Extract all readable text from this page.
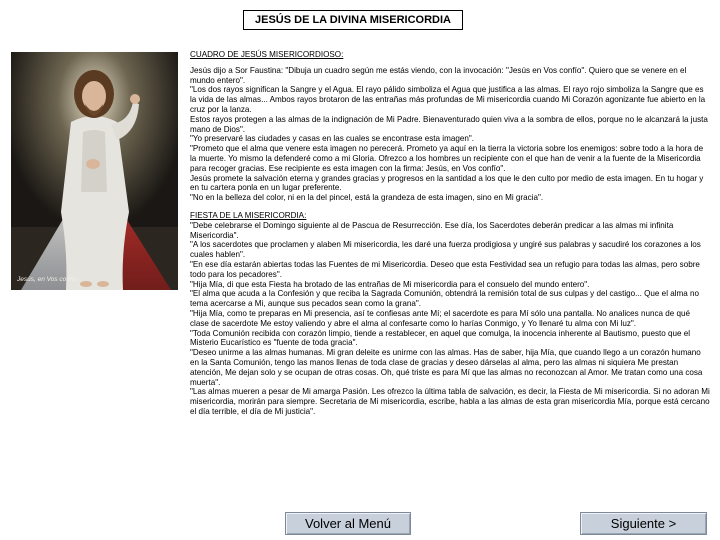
JESÚS DE LA DIVINA MISERICORDIA
Jesús, en Vos confío

CUADRO DE JESÚS MISERICORDIOSO:

Jesús dijo a Sor Faustina: "Dibuja un cuadro según me estás viendo, con la invocación: "Jesús en Vos confío". Quiero que se venere en el mundo entero".

"Los dos rayos significan la Sangre y el Agua. El rayo pálido simboliza el Agua que justifica a las almas. El rayo rojo simboliza la Sangre que es la vida de las almas... Ambos rayos brotaron de las entrañas más profundas de Mi misericordia cuando Mi Corazón agonizante fue abierto en la cruz por la lanza.

Estos rayos protegen a las almas de la indignación de Mi Padre. Bienaventurado quien viva a la sombra de ellos, porque no le alcanzará la justa mano de Dios".

"Yo preservaré las ciudades y casas en las cuales se encontrase esta imagen".

"Prometo que el alma que venere esta imagen no perecerá. Prometo ya aquí en la tierra la victoria sobre los enemigos: sobre todo a la hora de la muerte. Yo mismo la defenderé como a mi Gloria. Ofrezco a los hombres un recipiente con el que han de venir a la fuente de la Misericordia para recoger gracias. Ese recipiente es esta imagen con la firma: Jesús, en Vos confío".

Jesús promete la salvación eterna y grandes gracias y progresos en la santidad a los que le den culto por medio de esta imagen. En tu hogar y en tu cartera ponla en un lugar preferente.

"No en la belleza del color, ni en la del pincel, está la grandeza de esta imagen, sino en Mi gracia".

FIESTA DE LA MISERICORDIA:

"Debe celebrarse el Domingo siguiente al de Pascua de Resurrección. Ese día, los Sacerdotes deberán predicar a las almas mi infinita Misericordia".

"A los sacerdotes que proclamen y alaben Mi misericordia, les daré una fuerza prodigiosa y ungiré sus palabras y sacudiré los corazones a los cuales hablen".

"En ese día estarán abiertas todas las Fuentes de mi Misericordia. Deseo que esta Festividad sea un refugio para todas las almas, pero sobre todo para los pecadores".

"Hija Mía, di que esta Fiesta ha brotado de las entrañas de Mi misericordia para el consuelo del mundo entero".

"El alma que acuda a la Confesión y que reciba la Sagrada Comunión, obtendrá la remisión total de sus culpas y del castigo... Que el alma no tema acercarse a Mi, aunque sus pecados sean como la grana".

"Hija Mía, como te preparas en Mi presencia, así te confiesas ante Mí; el sacerdote es para Mí sólo una pantalla. No analices nunca de qué clase de sacerdote Me estoy valiendo y abre el alma al confesarte como lo harías Conmigo, y Yo llenaré tu alma con Mi luz".

"Toda Comunión recibida con corazón limpio, tiende a restablecer, en aquel que comulga, la inocencia inherente al Bautismo, puesto que el Misterio Eucarístico es "fuente de toda gracia".

"Deseo unirme a las almas humanas. Mi gran deleite es unirme con las almas. Has de saber, hija Mía, que cuando llego a un corazón humano en la Santa Comunión, tengo las manos llenas de toda clase de gracias y deseo dárselas al alma, pero las almas ni siquiera Me prestan atención, Me dejan solo y se ocupan de otras cosas. Oh, qué triste es para Mí que las almas no reconozcan al Amor. Me tratan como una cosa muerta".

"Las almas mueren a pesar de Mi amarga Pasión. Les ofrezco la última tabla de salvación, es decir, la Fiesta de Mi misericordia. Si no adoran Mi misericordia, morirán para siempre. Secretaria de Mi misericordia, escribe, habla a las almas de esta gran misericordia Mía, porque está cercano el día terrible, el día de Mi justicia".

Volver al Menú	Siguiente >
